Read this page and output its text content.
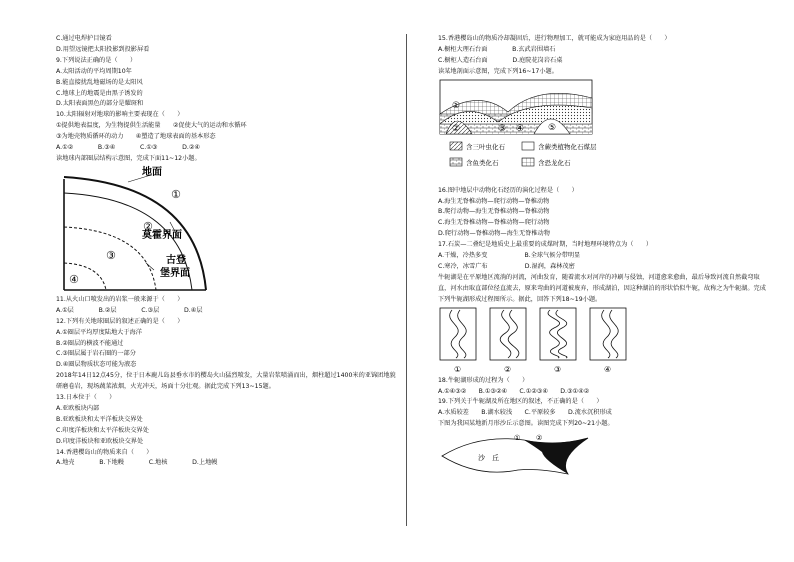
C.通过电焊护目镜看
D.用望远镜把太阳投影到投影屏看
9.下列说法正确的是（　　）
A.太阳活动的平均周期10年
B.能直接扰乱地磁场的是太阳风
C.地球上的地震是由黑子诱发的
D.太阳表面黑色的部分是耀斑和
10.太阳辐射对地球的影响主要表现在（　　）
①提供地表温度，为生物提供生活能量　　②促使大气的运动和水循环
③为地壳物质循环的动力　　④塑造了地球表面的基本形态
A.①②　　　　B.③④　　　　C.①③　　　　D.②④
读地球内部圈层结构示意图，完成下面11~12小题。
地面
莫霍界面
古登
堡界面
①
②
③
④
11.从火山口喷发出的岩浆一般来源于（　　）
A.①层　　　　B.②层　　　　C.③层　　　　D.④层
12.下列有关地球圈层的叙述正确的是（　　）
A.①圈层平均厚度陆地大于海洋
B.②圈层的横波不能通过
C.③圈层属于岩石圈的一部分
D.④圈层物质状态可能为液态
2018年14日12点45分，位于日本鹿儿岛县垂水市的樱岛火山猛烈喷发，大量岩浆喷涌而出，烟柱超过1400米的亚锦团地貌研磨卷岩，现场蔬菜浓烟，火光冲天，场面十分壮观。据此完成下列13~15题。
13.日本位于（　　）
A.亚欧板块内部
B.亚欧板块和太平洋板块交界处
C.印度洋板块和太平洋板块交界处
D.印度洋板块和亚欧板块交界处
14.香港樱岛山的物质来自（　　）
A.地壳　　　　B.下地幔　　　　C.地核　　　　D.上地幔
15.香港樱岛山的物质冷却凝固后，进行物理加工，就可能成为家庭用品的是（　　）
A.橱柜大理石台面　　　　B.玄武岩围墙石
C.橱柜人造石台面　　　　D.庭院花岗岩石桌
读某地剖面示意图，完成下列16~17小题。
①
②	③ ④	⑤
含三叶虫化石	含蕨类植物化石煤层
含鱼类化石	含恐龙化石
16.图中地层中动物化石经历的演化过程是（　　）
A.海生无脊椎动物—爬行动物—脊椎动物
B.爬行动物—海生无脊椎动物—脊椎动物
C.海生无脊椎动物—脊椎动物—爬行动物
D.爬行动物—脊椎动物—海生无脊椎动物
17.石炭—二叠纪是地质史上最重要的成煤时期，当时地理环境特点为（　　）
A.干燥，冷热多变　　　　　　B.全球气候分带明显
C.寒冷，冰雪广布　　　　　　D.湿润，森林茂密
牛轭湖是在平原地区流淌的河流，河曲发育，随着流水对河岸的冲刷与侵蚀，河道愈来愈曲，最后导致河流自然截弯取直，河水由取直部位径直流去，原来弯曲的河道被废弃，形成湖泊，因这种湖泊的形状恰似牛轭，故称之为牛轭湖。完成下列牛轭湖形成过程图所示。据此，回答下列18~19小题。
①	②	③	④
18.牛轭湖形成的过程为（　　）
A.①④③②　　B.①③②④　　C.①②③④　　D.③①④②
19.下列关于牛轭湖及所在地区的叙述，不正确的是（　　）
A.水质较差　　B.湖水较浅　　C.平原较多　　D.流水沉积形成
下图为我国某地新月形沙丘示意图。读图完成下列20~21小题。
沙　丘
① ②
